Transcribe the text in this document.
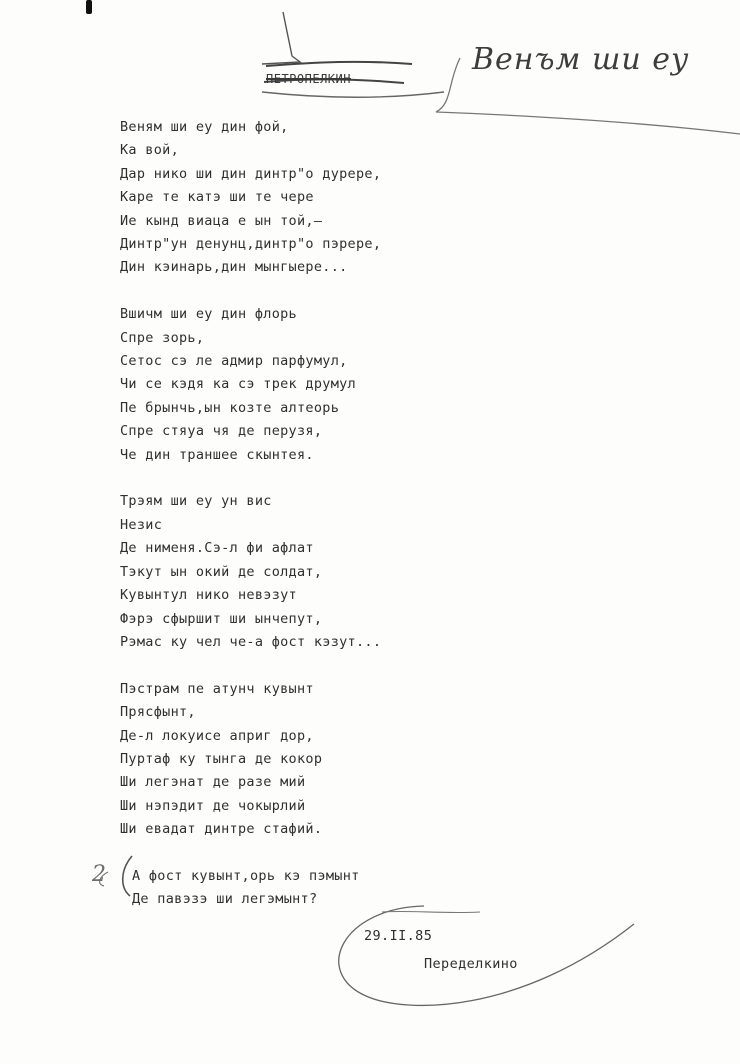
ПЕТРОПЕЛКИН
Венъм ши еу
Веням ши еу дин фой,
Ка вой,
Дар нико ши дин динтр"о дурере,
Каре те катэ ши те чере
Ие кынд виаца е ын той,—
Динтр"ун денунц,динтр"о пэрере,
Дин кэинарь,дин мынгыере...
Вшичм ши еу дин флорь
Спре зорь,
Сетос сэ ле адмир парфумул,
Чи се кэдя ка сэ трек друмул
Пе брынчь,ын козте алтеорь
Спре стяуа чя де перузя,
Че дин траншее скынтея.
Трэям ши еу ун вис
Незис
Де нименя.Сэ-л фи афлат
Тэкут ын окий де солдат,
Кувынтул нико невэзут
Фэрэ сфыршит ши ынчепут,
Рэмас ку чел че-а фост кэзут...
Пэстрам пе атунч кувынт
Прясфынт,
Де-л локуисе априг дор,
Пуртаф ку тынга де кокор
Ши легэнат де разе мий
Ши нэпэдит де чокырлий
Ши евадат динтре стафий.
А фост кувынт,орь кэ пэмынт
Де павэзэ ши легэмынт?
2
29.II.85
Переделкино
